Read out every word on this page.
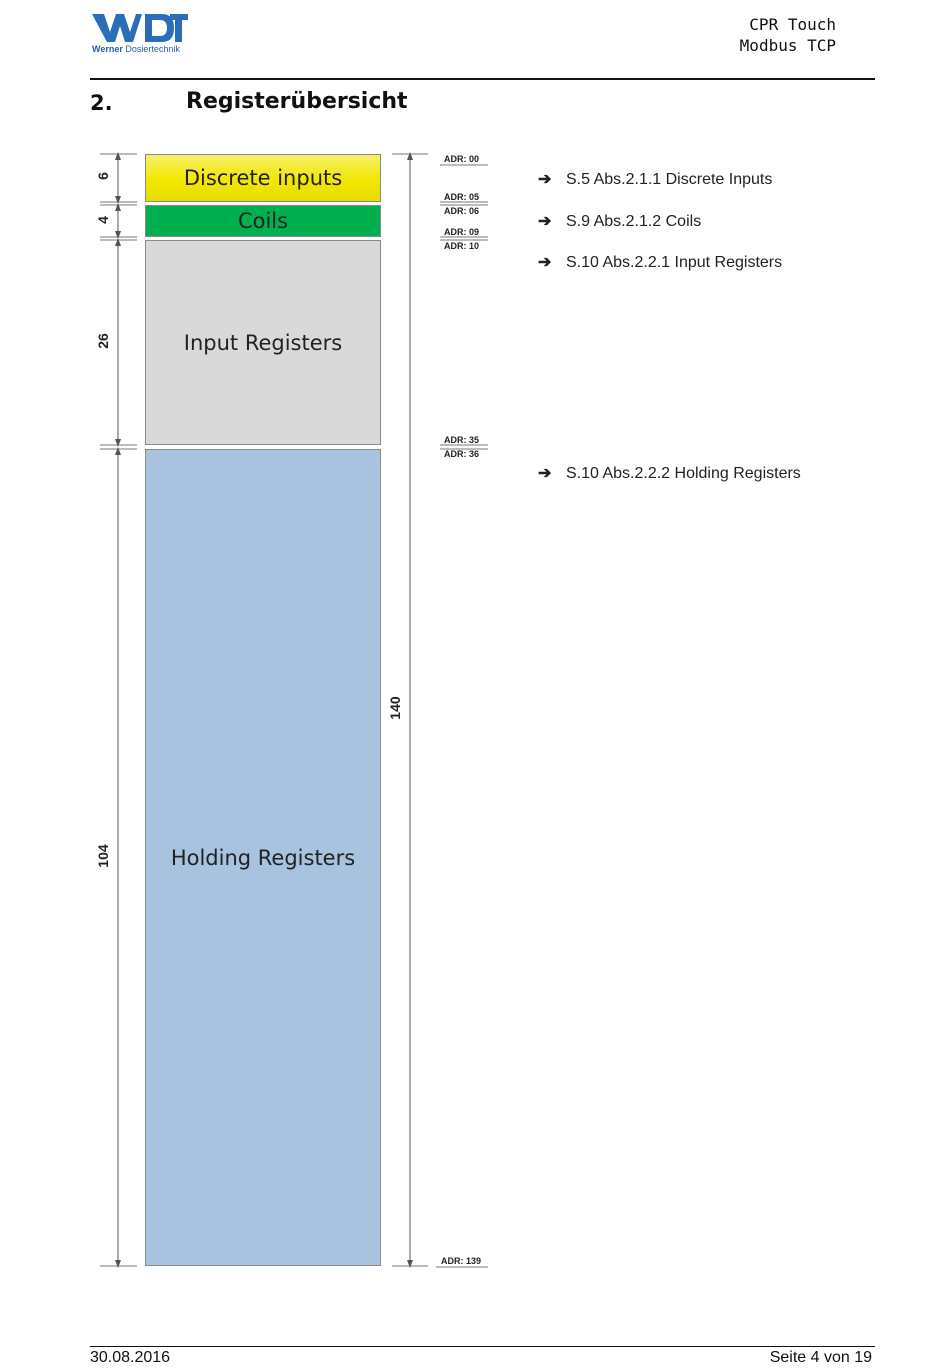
Werner Dosiertechnik
CPR Touch
Modbus TCP
2.	Registerübersicht
6
4
26
104
140
Discrete inputs
Coils
Input Registers
Holding Registers
ADR: 00
ADR: 05
ADR: 06
ADR: 09
ADR: 10
ADR: 35
ADR: 36
ADR: 139
➔ S.5 Abs.2.1.1 Discrete Inputs
➔ S.9 Abs.2.1.2 Coils
➔ S.10 Abs.2.2.1 Input Registers
➔ S.10 Abs.2.2.2 Holding Registers
30.08.2016	Seite 4 von 19
